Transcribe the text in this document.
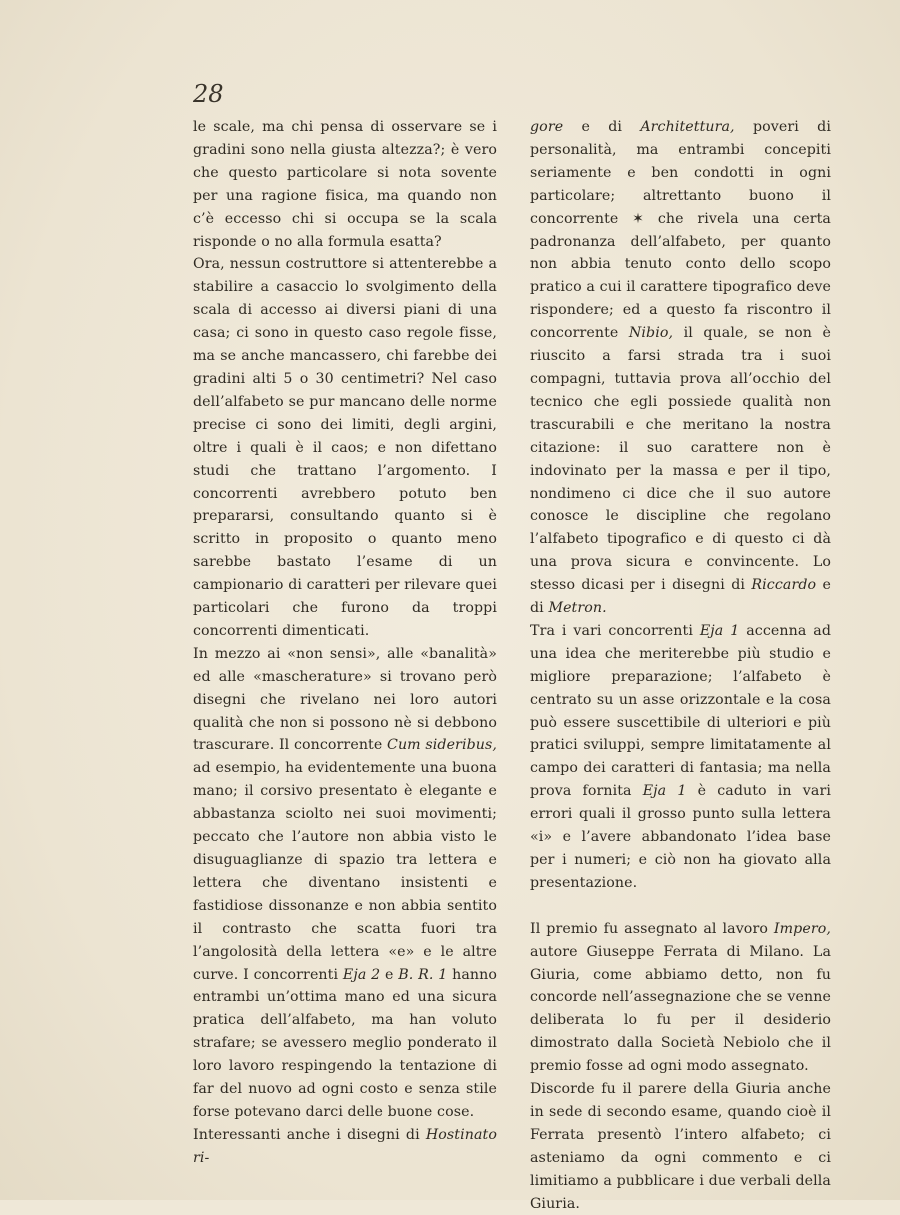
28

le scale, ma chi pensa di osservare se i gradini sono nella giusta altezza?; è vero che questo particolare si nota sovente per una ragione fisica, ma quando non c’è eccesso chi si occupa se la scala risponde o no alla formula esatta?

Ora, nessun costruttore si attenterebbe a stabilire a casaccio lo svolgimento della scala di accesso ai diversi piani di una casa; ci sono in questo caso regole fisse, ma se anche mancassero, chi farebbe dei gradini alti 5 o 30 centimetri? Nel caso dell’alfabeto se pur mancano delle norme precise ci sono dei limiti, degli argini, oltre i quali è il caos; e non difettano studi che trattano l’argomento. I concorrenti avrebbero potuto ben prepararsi, consultando quanto si è scritto in proposito o quanto meno sarebbe bastato l’esame di un campionario di caratteri per rilevare quei particolari che furono da troppi concorrenti dimenticati.

In mezzo ai «non sensi», alle «banalità» ed alle «mascherature» si trovano però disegni che rivelano nei loro autori qualità che non si possono nè si debbono trascurare. Il concorrente Cum sideribus, ad esempio, ha evidentemente una buona mano; il corsivo presentato è elegante e abbastanza sciolto nei suoi movimenti; peccato che l’autore non abbia visto le disuguaglianze di spazio tra lettera e lettera che diventano insistenti e fastidiose dissonanze e non abbia sentito il contrasto che scatta fuori tra l’angolosità della lettera «e» e le altre curve. I concorrenti Eja 2 e B. R. 1 hanno entrambi un’ottima mano ed una sicura pratica dell’alfabeto, ma han voluto strafare; se avessero meglio ponderato il loro lavoro respingendo la tentazione di far del nuovo ad ogni costo e senza stile forse potevano darci delle buone cose.

Interessanti anche i disegni di Hostinato ri-

gore e di Architettura, poveri di personalità, ma entrambi concepiti seriamente e ben condotti in ogni particolare; altrettanto buono il concorrente ✶ che rivela una certa padronanza dell’alfabeto, per quanto non abbia tenuto conto dello scopo pratico a cui il carattere tipografico deve rispondere; ed a questo fa riscontro il concorrente Nibio, il quale, se non è riuscito a farsi strada tra i suoi compagni, tuttavia prova all’occhio del tecnico che egli possiede qualità non trascurabili e che meritano la nostra citazione: il suo carattere non è indovinato per la massa e per il tipo, nondimeno ci dice che il suo autore conosce le discipline che regolano l’alfabeto tipografico e di questo ci dà una prova sicura e convincente. Lo stesso dicasi per i disegni di Riccardo e di Metron.

Tra i vari concorrenti Eja 1 accenna ad una idea che meriterebbe più studio e migliore preparazione; l’alfabeto è centrato su un asse orizzontale e la cosa può essere suscettibile di ulteriori e più pratici sviluppi, sempre limitatamente al campo dei caratteri di fantasia; ma nella prova fornita Eja 1 è caduto in vari errori quali il grosso punto sulla lettera «i» e l’avere abbandonato l’idea base per i numeri; e ciò non ha giovato alla presentazione.

Il premio fu assegnato al lavoro Impero, autore Giuseppe Ferrata di Milano. La Giuria, come abbiamo detto, non fu concorde nell’assegnazione che se venne deliberata lo fu per il desiderio dimostrato dalla Società Nebiolo che il premio fosse ad ogni modo assegnato.

Discorde fu il parere della Giuria anche in sede di secondo esame, quando cioè il Ferrata presentò l’intero alfabeto; ci asteniamo da ogni commento e ci limitiamo a pubblicare i due verbali della Giuria.
